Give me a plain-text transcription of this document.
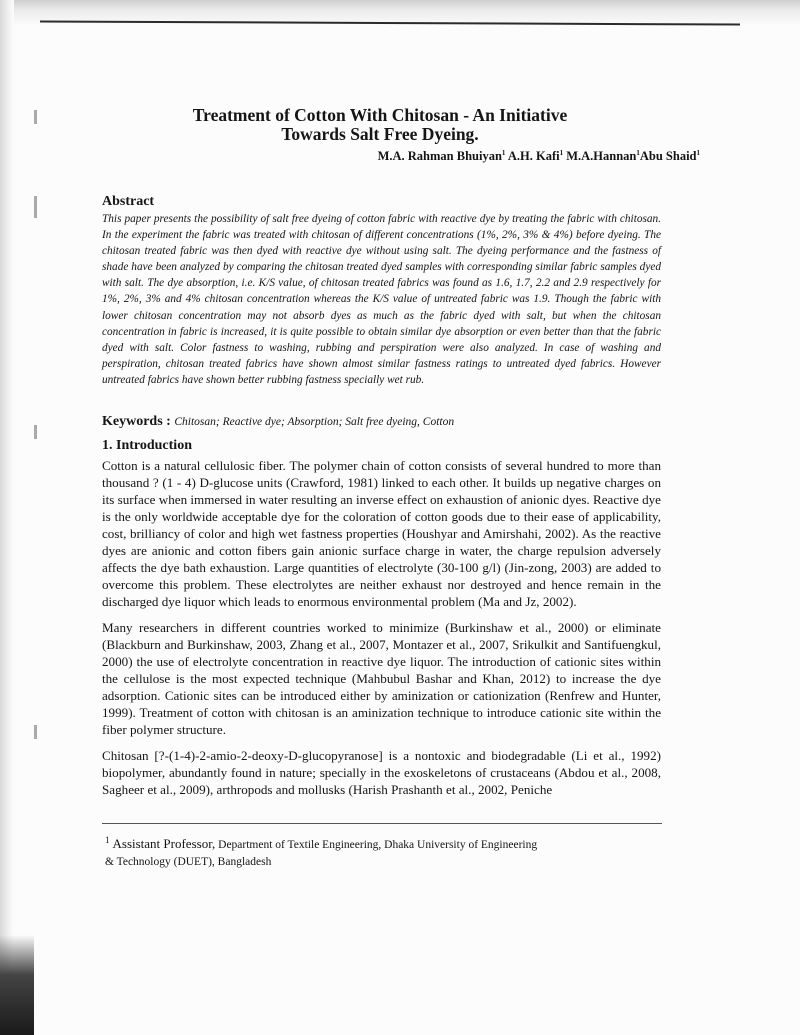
Treatment of Cotton With Chitosan - An Initiative
Towards Salt Free Dyeing.
M.A. Rahman Bhuiyan$^1$ A.H. Kafi$^1$ M.A.Hannan$^1$Abu Shaid$^1$
Abstract

This paper presents the possibility of salt free dyeing of cotton fabric with reactive dye by treating the fabric with chitosan. In the experiment the fabric was treated with chitosan of different concentrations (1%, 2%, 3% & 4%) before dyeing. The chitosan treated fabric was then dyed with reactive dye without using salt. The dyeing performance and the fastness of shade have been analyzed by comparing the chitosan treated dyed samples with corresponding similar fabric samples dyed with salt. The dye absorption, i.e. K/S value, of chitosan treated fabrics was found as 1.6, 1.7, 2.2 and 2.9 respectively for 1%, 2%, 3% and 4% chitosan concentration whereas the K/S value of untreated fabric was 1.9. Though the fabric with lower chitosan concentration may not absorb dyes as much as the fabric dyed with salt, but when the chitosan concentration in fabric is increased, it is quite possible to obtain similar dye absorption or even better than that the fabric dyed with salt. Color fastness to washing, rubbing and perspiration were also analyzed. In case of washing and perspiration, chitosan treated fabrics have shown almost similar fastness ratings to untreated dyed fabrics. However untreated fabrics have shown better rubbing fastness specially wet rub.

Keywords : Chitosan; Reactive dye; Absorption; Salt free dyeing, Cotton
1. Introduction

Cotton is a natural cellulosic fiber. The polymer chain of cotton consists of several hundred to more than thousand ? (1 - 4) D-glucose units (Crawford, 1981) linked to each other. It builds up negative charges on its surface when immersed in water resulting an inverse effect on exhaustion of anionic dyes. Reactive dye is the only worldwide acceptable dye for the coloration of cotton goods due to their ease of applicability, cost, brilliancy of color and high wet fastness properties (Houshyar and Amirshahi, 2002). As the reactive dyes are anionic and cotton fibers gain anionic surface charge in water, the charge repulsion adversely affects the dye bath exhaustion. Large quantities of electrolyte (30-100 g/l) (Jin-zong, 2003) are added to overcome this problem. These electrolytes are neither exhaust nor destroyed and hence remain in the discharged dye liquor which leads to enormous environmental problem (Ma and Jz, 2002).

Many researchers in different countries worked to minimize (Burkinshaw et al., 2000) or eliminate (Blackburn and Burkinshaw, 2003, Zhang et al., 2007, Montazer et al., 2007, Srikulkit and Santifuengkul, 2000) the use of electrolyte concentration in reactive dye liquor. The introduction of cationic sites within the cellulose is the most expected technique (Mahbubul Bashar and Khan, 2012) to increase the dye adsorption. Cationic sites can be introduced either by aminization or cationization (Renfrew and Hunter, 1999). Treatment of cotton with chitosan is an aminization technique to introduce cationic site within the fiber polymer structure.

Chitosan [?-(1-4)-2-amio-2-deoxy-D-glucopyranose] is a nontoxic and biodegradable (Li et al., 1992) biopolymer, abundantly found in nature; specially in the exoskeletons of crustaceans (Abdou et al., 2008, Sagheer et al., 2009), arthropods and mollusks (Harish Prashanth et al., 2002, Peniche

$^1$ Assistant Professor, Department of Textile Engineering, Dhaka University of Engineering
& Technology (DUET), Bangladesh
